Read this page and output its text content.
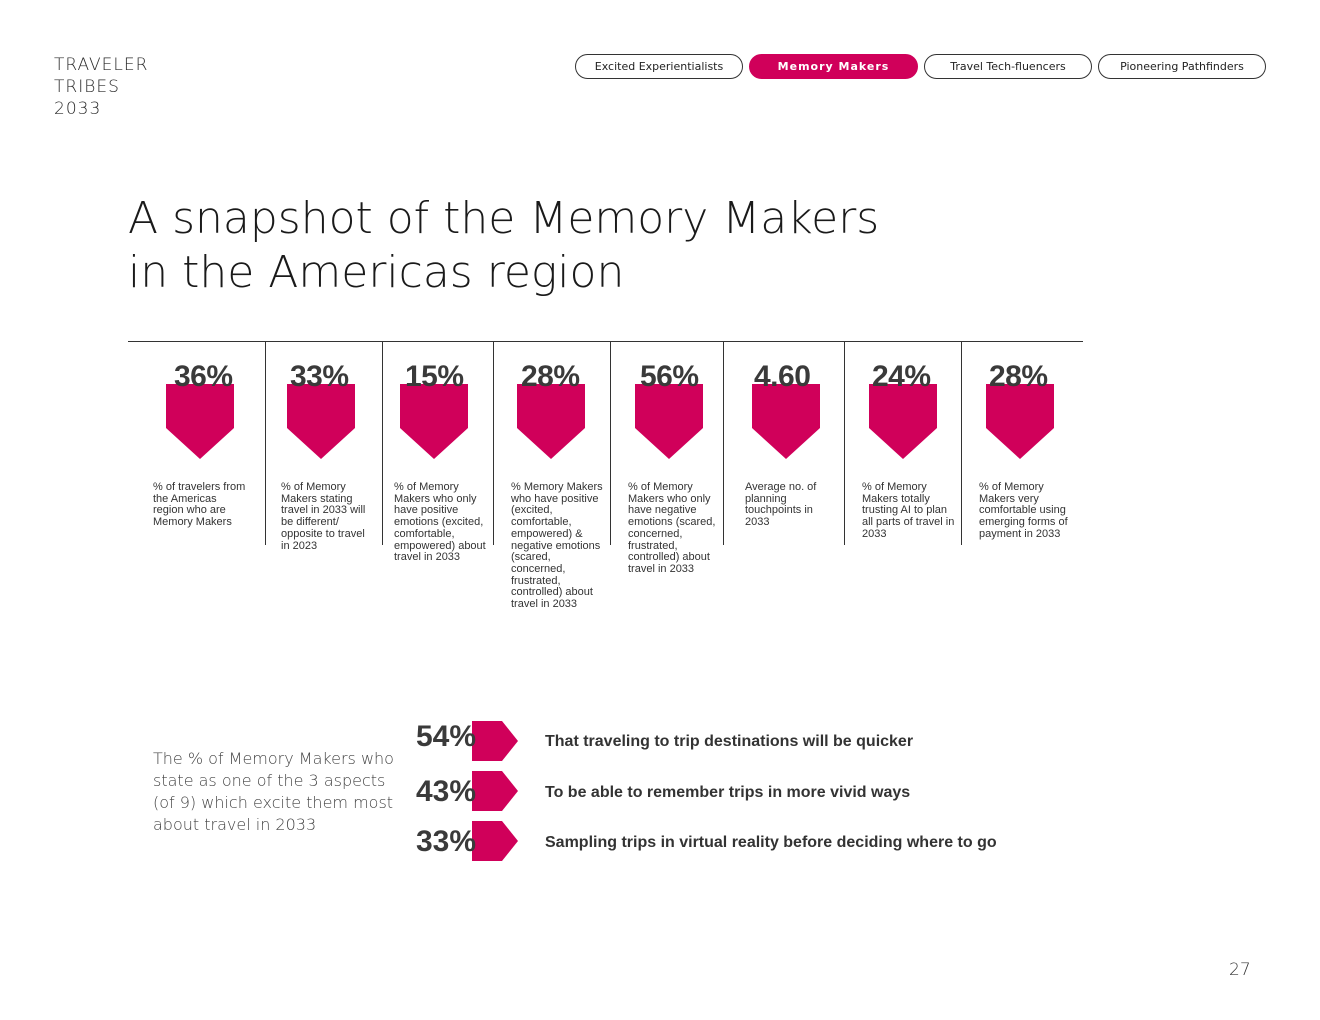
TRAVELER
TRIBES
2033
Excited Experientialists	Memory Makers	Travel Tech-fluencers	Pioneering Pathfinders
A snapshot of the Memory Makers
in the Americas region
36%
% of travelers from the Americas region who are Memory Makers
33%
% of Memory Makers stating travel in 2033 will be different/ opposite to travel in 2023
15%
% of Memory Makers who only have positive emotions (excited, comfortable, empowered) about travel in 2033
28%
% Memory Makers who have positive (excited, comfortable, empowered) & negative emotions (scared, concerned, frustrated, controlled) about travel in 2033
56%
% of Memory Makers who only have negative emotions (scared, concerned, frustrated, controlled) about travel in 2033
4.60
Average no. of planning touchpoints in 2033
24%
% of Memory Makers totally trusting AI to plan all parts of travel in 2033
28%
% of Memory Makers very comfortable using emerging forms of payment in 2033
The % of Memory Makers who state as one of the 3 aspects (of 9) which excite them most about travel in 2033
54%	That traveling to trip destinations will be quicker
43%	To be able to remember trips in more vivid ways
33%	Sampling trips in virtual reality before deciding where to go
27
